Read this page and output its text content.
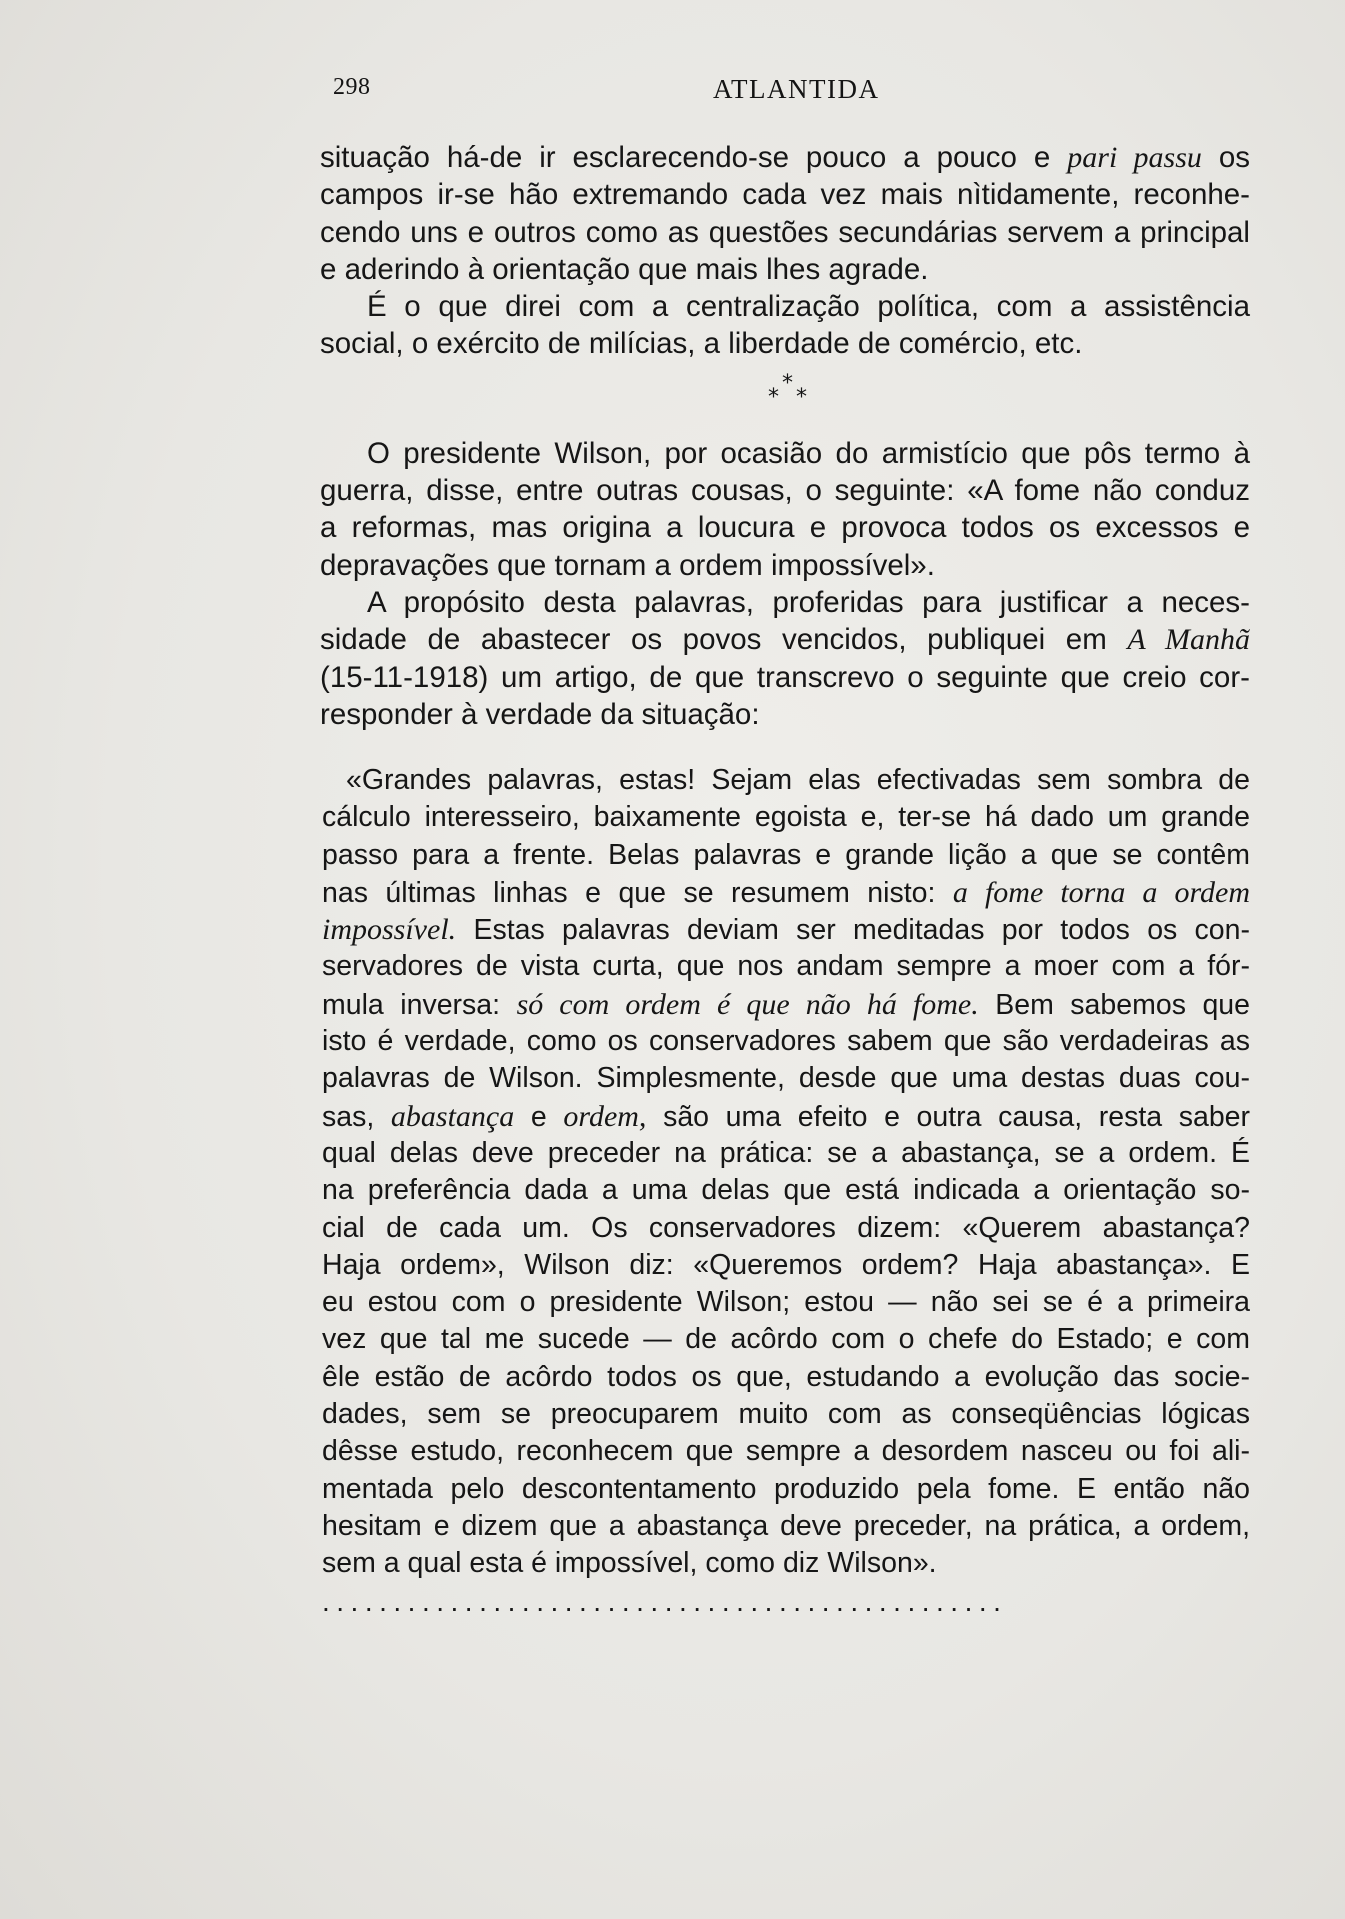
298	ATLANTIDA
situação há-de ir esclarecendo-se pouco a pouco e pari passu os
campos ir-se hão extremando cada vez mais nìtidamente, reconhe-
cendo uns e outros como as questões secundárias servem a principal
e aderindo à orientação que mais lhes agrade.
É o que direi com a centralização política, com a assistência
social, o exército de milícias, a liberdade de comércio, etc.
*
* *
O presidente Wilson, por ocasião do armistício que pôs termo à
guerra, disse, entre outras cousas, o seguinte: «A fome não conduz
a reformas, mas origina a loucura e provoca todos os excessos e
depravações que tornam a ordem impossível».
A propósito desta palavras, proferidas para justificar a neces-
sidade de abastecer os povos vencidos, publiquei em A Manhã
(15-11-1918) um artigo, de que transcrevo o seguinte que creio cor-
responder à verdade da situação:
«Grandes palavras, estas! Sejam elas efectivadas sem sombra de
cálculo interesseiro, baixamente egoista e, ter-se há dado um grande
passo para a frente. Belas palavras e grande lição a que se contêm
nas últimas linhas e que se resumem nisto: a fome torna a ordem
impossível. Estas palavras deviam ser meditadas por todos os con-
servadores de vista curta, que nos andam sempre a moer com a fór-
mula inversa: só com ordem é que não há fome. Bem sabemos que
isto é verdade, como os conservadores sabem que são verdadeiras as
palavras de Wilson. Simplesmente, desde que uma destas duas cou-
sas, abastança e ordem, são uma efeito e outra causa, resta saber
qual delas deve preceder na prática: se a abastança, se a ordem. É
na preferência dada a uma delas que está indicada a orientação so-
cial de cada um. Os conservadores dizem: «Querem abastança?
Haja ordem», Wilson diz: «Queremos ordem? Haja abastança». E
eu estou com o presidente Wilson; estou — não sei se é a primeira
vez que tal me sucede — de acôrdo com o chefe do Estado; e com
êle estão de acôrdo todos os que, estudando a evolução das socie-
dades, sem se preocuparem muito com as conseqüências lógicas
dêsse estudo, reconhecem que sempre a desordem nasceu ou foi ali-
mentada pelo descontentamento produzido pela fome. E então não
hesitam e dizem que a abastança deve preceder, na prática, a ordem,
sem a qual esta é impossível, como diz Wilson».
................................................
